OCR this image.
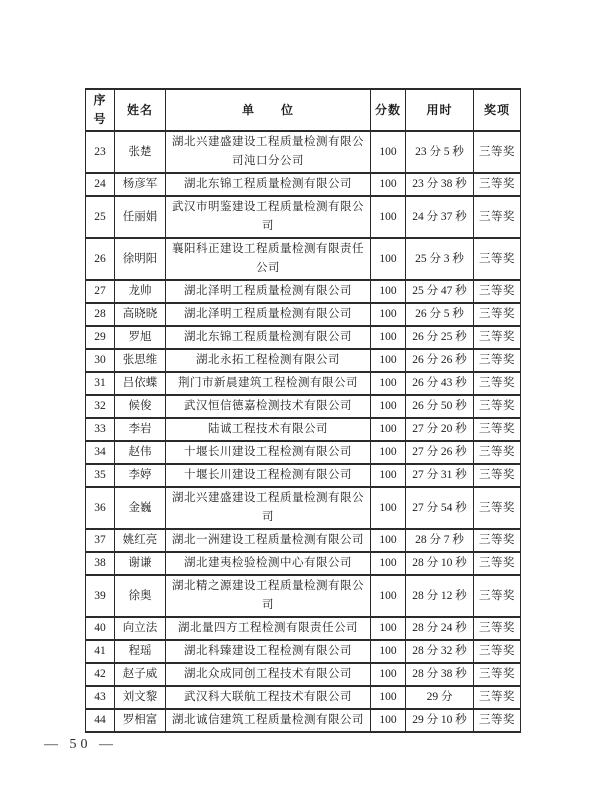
序号	姓名	单　　位	分数	用时	奖项
23	张楚	湖北兴建盛建设工程质量检测有限公司沌口分公司	100	23 分 5 秒	三等奖
24	杨彦军	湖北东锦工程质量检测有限公司	100	23 分 38 秒	三等奖
25	任丽娟	武汉市明鉴建设工程质量检测有限公司	100	24 分 37 秒	三等奖
26	徐明阳	襄阳科正建设工程质量检测有限责任公司	100	25 分 3 秒	三等奖
27	龙帅	湖北泽明工程质量检测有限公司	100	25 分 47 秒	三等奖
28	高晓晓	湖北泽明工程质量检测有限公司	100	26 分 5 秒	三等奖
29	罗旭	湖北东锦工程质量检测有限公司	100	26 分 25 秒	三等奖
30	张思维	湖北永拓工程检测有限公司	100	26 分 26 秒	三等奖
31	吕依蝶	荆门市新晨建筑工程检测有限公司	100	26 分 43 秒	三等奖
32	候俊	武汉恒信德嘉检测技术有限公司	100	26 分 50 秒	三等奖
33	李岩	陆诚工程技术有限公司	100	27 分 20 秒	三等奖
34	赵伟	十堰长川建设工程检测有限公司	100	27 分 26 秒	三等奖
35	李婷	十堰长川建设工程检测有限公司	100	27 分 31 秒	三等奖
36	金巍	湖北兴建盛建设工程质量检测有限公司	100	27 分 54 秒	三等奖
37	姚红亮	湖北一洲建设工程质量检测有限公司	100	28 分 7 秒	三等奖
38	谢谦	湖北建夷检验检测中心有限公司	100	28 分 10 秒	三等奖
39	徐奥	湖北精之源建设工程质量检测有限公司	100	28 分 12 秒	三等奖
40	向立法	湖北量四方工程检测有限责任公司	100	28 分 24 秒	三等奖
41	程瑶	湖北科臻建设工程检测有限公司	100	28 分 32 秒	三等奖
42	赵子威	湖北众成同创工程技术有限公司	100	28 分 38 秒	三等奖
43	刘文黎	武汉科大联航工程技术有限公司	100	29 分	三等奖
44	罗相富	湖北诚信建筑工程质量检测有限公司	100	29 分 10 秒	三等奖
— 50 —
